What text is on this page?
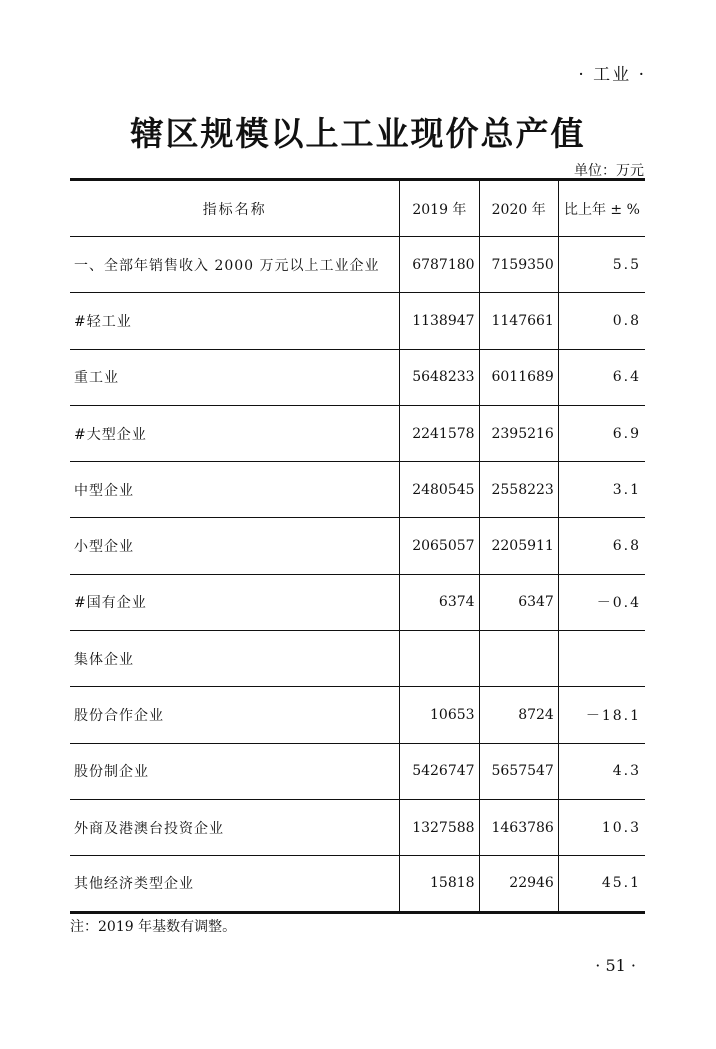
· 工业 ·
辖区规模以上工业现价总产值
单位：万元
指标名称	2019 年	2020 年	比上年 ± %
一、全部年销售收入 2000 万元以上工业企业	6787180	7159350	5.5
#轻工业	1138947	1147661	0.8
重工业	5648233	6011689	6.4
#大型企业	2241578	2395216	6.9
中型企业	2480545	2558223	3.1
小型企业	2065057	2205911	6.8
#国有企业	6374	6347	－0.4
集体企业			
股份合作企业	10653	8724	－18.1
股份制企业	5426747	5657547	4.3
外商及港澳台投资企业	1327588	1463786	10.3
其他经济类型企业	15818	22946	45.1
注：2019 年基数有调整。
· 51 ·
